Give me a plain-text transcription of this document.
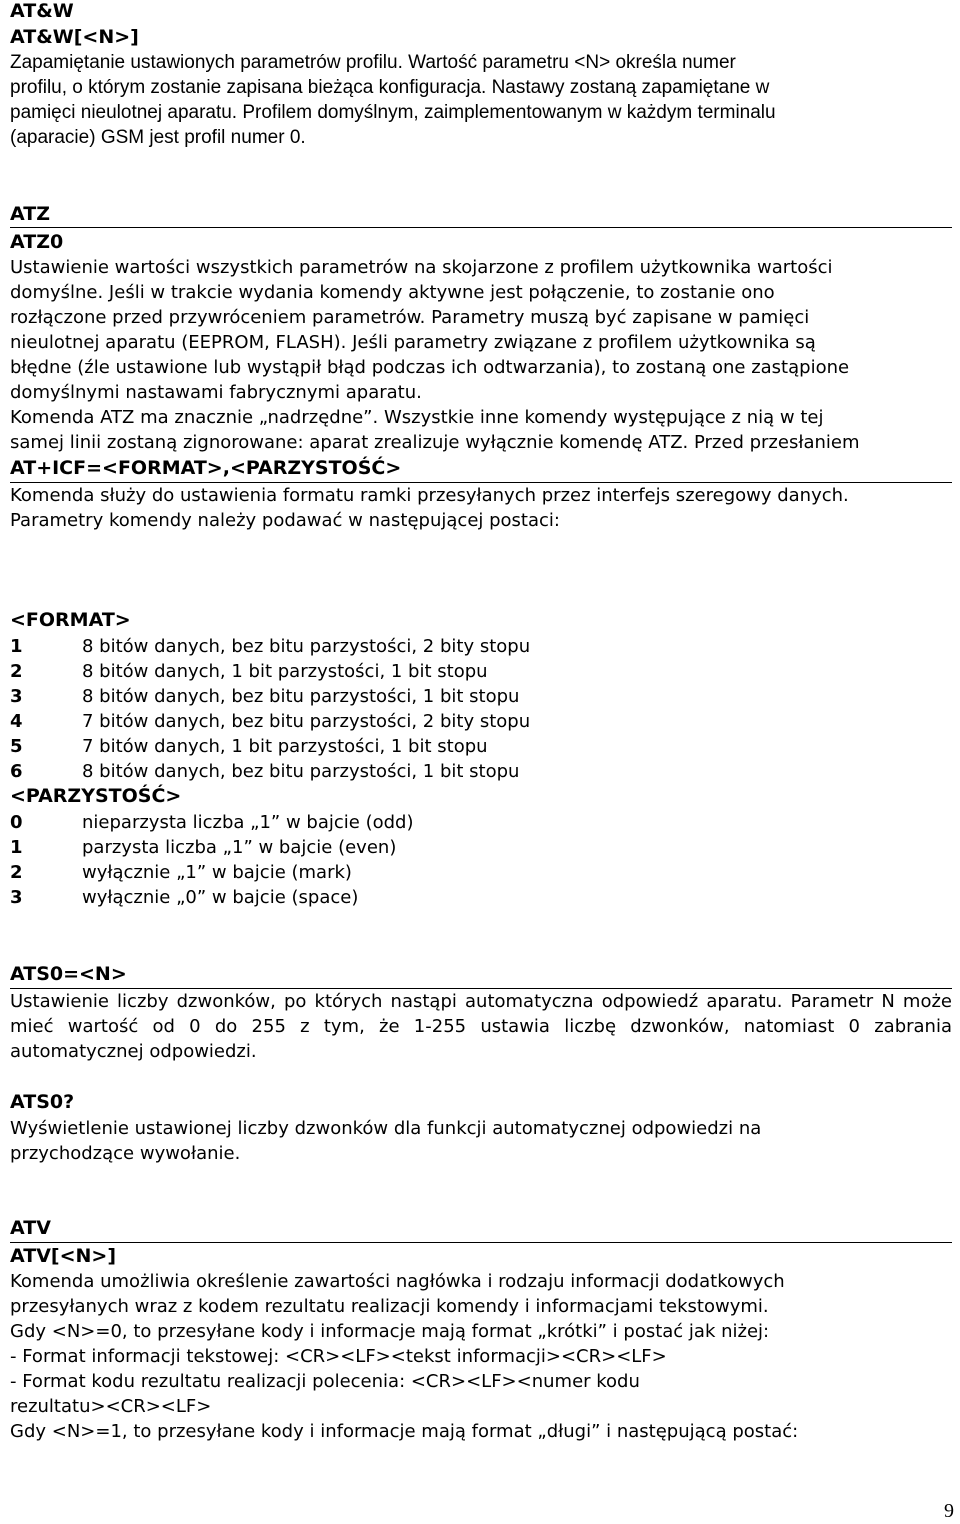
AT&W
AT&W[<N>]
Zapamiętanie ustawionych parametrów profilu. Wartość parametru <N> określa numer
profilu, o którym zostanie zapisana bieżąca konfiguracja. Nastawy zostaną zapamiętane w
pamięci nieulotnej aparatu. Profilem domyślnym, zaimplementowanym w każdym terminalu
(aparacie) GSM jest profil numer 0.
ATZ
ATZ0
Ustawienie wartości wszystkich parametrów na skojarzone z profilem użytkownika wartości
domyślne. Jeśli w trakcie wydania komendy aktywne jest połączenie, to zostanie ono
rozłączone przed przywróceniem parametrów. Parametry muszą być zapisane w pamięci
nieulotnej aparatu (EEPROM, FLASH). Jeśli parametry związane z profilem użytkownika są
błędne (źle ustawione lub wystąpił błąd podczas ich odtwarzania), to zostaną one zastąpione
domyślnymi nastawami fabrycznymi aparatu.
Komenda ATZ ma znacznie „nadrzędne”. Wszystkie inne komendy występujące z nią w tej
samej linii zostaną zignorowane: aparat zrealizuje wyłącznie komendę ATZ. Przed przesłaniem
AT+ICF=<FORMAT>,<PARZYSTOŚĆ>
Komenda służy do ustawienia formatu ramki przesyłanych przez interfejs szeregowy danych.
Parametry komendy należy podawać w następującej postaci:
<FORMAT>
1	8 bitów danych, bez bitu parzystości, 2 bity stopu
2	8 bitów danych, 1 bit parzystości, 1 bit stopu
3	8 bitów danych, bez bitu parzystości, 1 bit stopu
4	7 bitów danych, bez bitu parzystości, 2 bity stopu
5	7 bitów danych, 1 bit parzystości, 1 bit stopu
6	8 bitów danych, bez bitu parzystości, 1 bit stopu
<PARZYSTOŚĆ>
0	nieparzysta liczba „1” w bajcie (odd)
1	parzysta liczba „1” w bajcie (even)
2	wyłącznie „1” w bajcie (mark)
3	wyłącznie „0” w bajcie (space)
ATS0=<N>
Ustawienie liczby dzwonków, po których nastąpi automatyczna odpowiedź aparatu. Parametr N może
mieć wartość od 0 do 255 z tym, że 1-255 ustawia liczbę dzwonków, natomiast 0 zabrania
automatycznej odpowiedzi.
ATS0?
Wyświetlenie ustawionej liczby dzwonków dla funkcji automatycznej odpowiedzi na
przychodzące wywołanie.
ATV
ATV[<N>]
Komenda umożliwia określenie zawartości nagłówka i rodzaju informacji dodatkowych
przesyłanych wraz z kodem rezultatu realizacji komendy i informacjami tekstowymi.
Gdy <N>=0, to przesyłane kody i informacje mają format „krótki” i postać jak niżej:
- Format informacji tekstowej: <CR><LF><tekst informacji><CR><LF>
- Format kodu rezultatu realizacji polecenia: <CR><LF><numer kodu
rezultatu><CR><LF>
Gdy <N>=1, to przesyłane kody i informacje mają format „długi” i następującą postać:
9
